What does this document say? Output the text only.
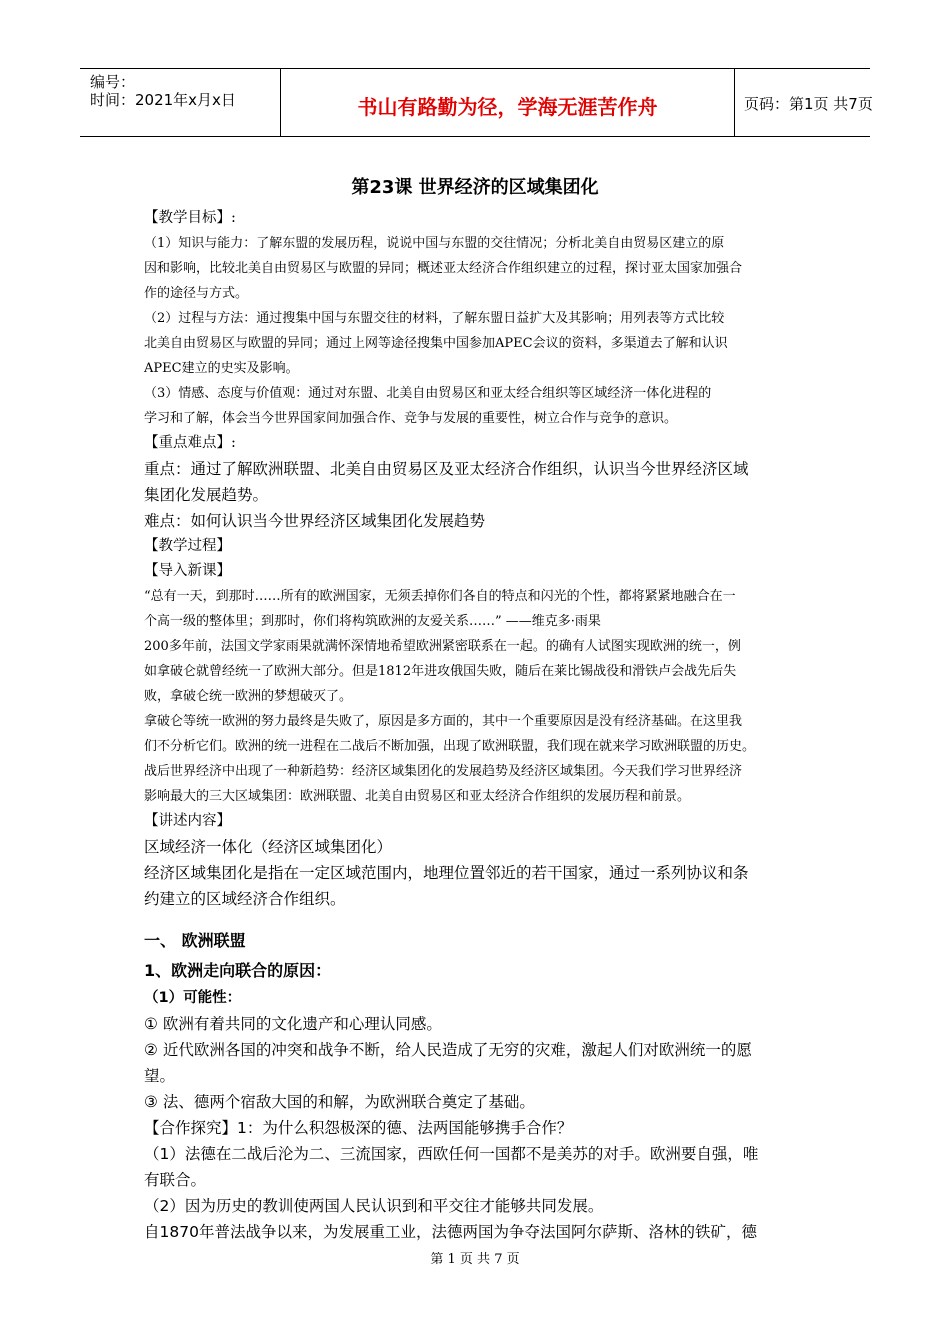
编号：
时间：2021年x月x日	书山有路勤为径，学海无涯苦作舟	页码：第1页 共7页
第23课 世界经济的区域集团化

【教学目标】:

（1）知识与能力：了解东盟的发展历程，说说中国与东盟的交往情况；分析北美自由贸易区建立的原

因和影响，比较北美自由贸易区与欧盟的异同；概述亚太经济合作组织建立的过程，探讨亚太国家加强合

作的途径与方式。

（2）过程与方法：通过搜集中国与东盟交往的材料，了解东盟日益扩大及其影响；用列表等方式比较

北美自由贸易区与欧盟的异同；通过上网等途径搜集中国参加APEC会议的资料，多渠道去了解和认识

APEC建立的史实及影响。

（3）情感、态度与价值观：通过对东盟、北美自由贸易区和亚太经合组织等区域经济一体化进程的

学习和了解，体会当今世界国家间加强合作、竞争与发展的重要性，树立合作与竞争的意识。

【重点难点】:

重点：通过了解欧洲联盟、北美自由贸易区及亚太经济合作组织，认识当今世界经济区域

集团化发展趋势。

难点：如何认识当今世界经济区域集团化发展趋势

【教学过程】

【导入新课】

“总有一天，到那时……所有的欧洲国家，无须丢掉你们各自的特点和闪光的个性，都将紧紧地融合在一

个高一级的整体里；到那时，你们将构筑欧洲的友爱关系……” ——维克多·雨果

200多年前，法国文学家雨果就满怀深情地希望欧洲紧密联系在一起。的确有人试图实现欧洲的统一，例

如拿破仑就曾经统一了欧洲大部分。但是1812年进攻俄国失败，随后在莱比锡战役和滑铁卢会战先后失

败，拿破仑统一欧洲的梦想破灭了。

拿破仑等统一欧洲的努力最终是失败了，原因是多方面的，其中一个重要原因是没有经济基础。在这里我

们不分析它们。欧洲的统一进程在二战后不断加强，出现了欧洲联盟，我们现在就来学习欧洲联盟的历史。

战后世界经济中出现了一种新趋势：经济区域集团化的发展趋势及经济区域集团。今天我们学习世界经济

影响最大的三大区域集团：欧洲联盟、北美自由贸易区和亚太经济合作组织的发展历程和前景。

【讲述内容】

区域经济一体化（经济区域集团化）

经济区域集团化是指在一定区域范围内，地理位置邻近的若干国家，通过一系列协议和条

约建立的区域经济合作组织。

一、 欧洲联盟

1、欧洲走向联合的原因：

（1）可能性：

① 欧洲有着共同的文化遗产和心理认同感。

② 近代欧洲各国的冲突和战争不断，给人民造成了无穷的灾难，激起人们对欧洲统一的愿

望。

③ 法、德两个宿敌大国的和解，为欧洲联合奠定了基础。

【合作探究】1：为什么积怨极深的德、法两国能够携手合作？

（1）法德在二战后沦为二、三流国家，西欧任何一国都不是美苏的对手。欧洲要自强，唯

有联合。

（2）因为历史的教训使两国人民认识到和平交往才能够共同发展。

自1870年普法战争以来，为发展重工业，法德两国为争夺法国阿尔萨斯、洛林的铁矿，德

第 1 页 共 7 页
